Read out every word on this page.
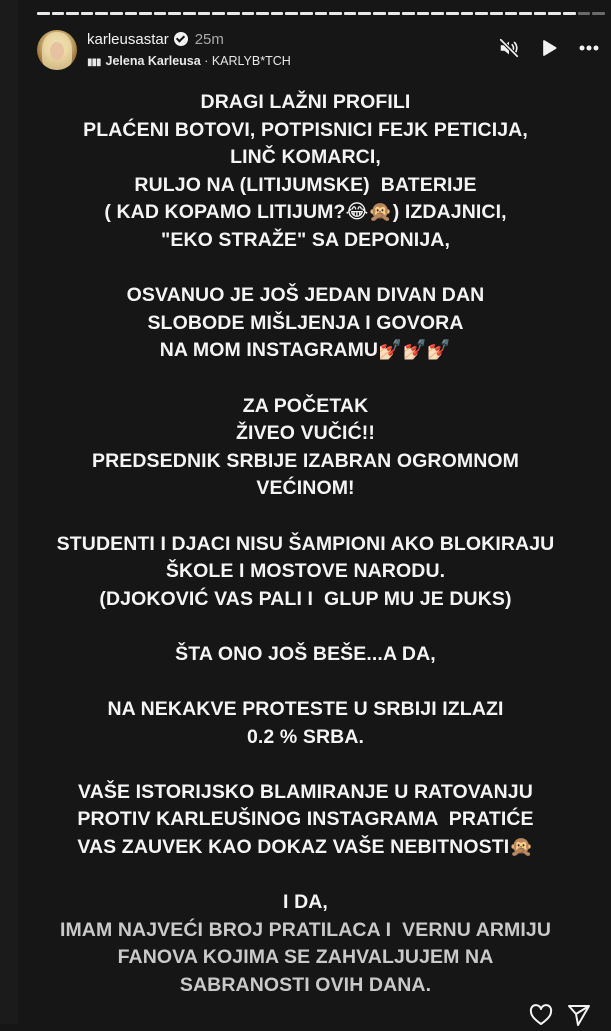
karleusastar 25m
▮▮▮ Jelena Karleusa · KARLYB*TCH
DRAGI LAŽNI PROFILI
PLAĆENI BOTOVI, POTPISNICI FEJK PETICIJA,
LINČ KOMARCI,
RULJO NA (LITIJUMSKE)  BATERIJE
( KAD KOPAMO LITIJUM?😂🙊) IZDAJNICI,
"EKO STRAŽE" SA DEPONIJA,
OSVANUO JE JOŠ JEDAN DIVAN DAN
SLOBODE MIŠLJENJA I GOVORA
NA MOM INSTAGRAMU💅🏻💅🏻💅🏻
ZA POČETAK
ŽIVEO VUČIĆ!!
PREDSEDNIK SRBIJE IZABRAN OGROMNOM
VEĆINOM!
STUDENTI I DJACI NISU ŠAMPIONI AKO BLOKIRAJU
ŠKOLE I MOSTOVE NARODU.
(DJOKOVIĆ VAS PALI I  GLUP MU JE DUKS)
ŠTA ONO JOŠ BEŠE...A DA,
NA NEKAKVE PROTESTE U SRBIJI IZLAZI
0.2 % SRBA.
VAŠE ISTORIJSKO BLAMIRANJE U RATOVANJU
PROTIV KARLEUŠINOG INSTAGRAMA  PRATIĆE
VAS ZAUVEK KAO DOKAZ VAŠE NEBITNOSTI🙊
I DA,
IMAM NAJVEĆI BROJ PRATILACA I  VERNU ARMIJU
FANOVA KOJIMA SE ZAHVALJUJEM NA
SABRANOSTI OVIH DANA.
